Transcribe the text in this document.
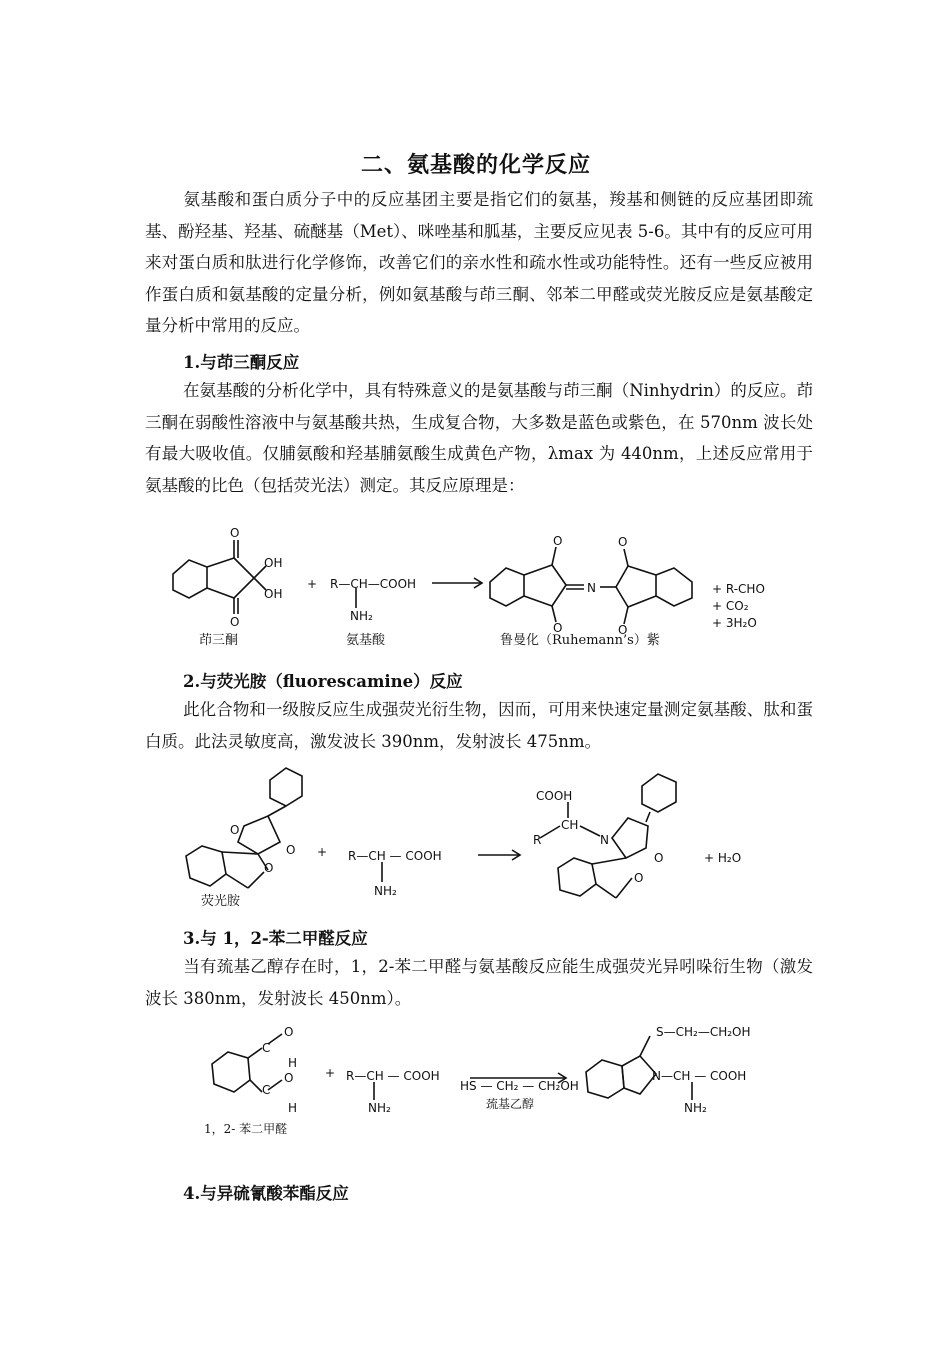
二、氨基酸的化学反应

氨基酸和蛋白质分子中的反应基团主要是指它们的氨基，羧基和侧链的反应基团即巯基、酚羟基、羟基、硫醚基（Met）、咪唑基和胍基，主要反应见表 5-6。其中有的反应可用来对蛋白质和肽进行化学修饰，改善它们的亲水性和疏水性或功能特性。还有一些反应被用作蛋白质和氨基酸的定量分析，例如氨基酸与茚三酮、邻苯二甲醛或荧光胺反应是氨基酸定量分析中常用的反应。

1.与茚三酮反应

在氨基酸的分析化学中，具有特殊意义的是氨基酸与茚三酮（Ninhydrin）的反应。茚三酮在弱酸性溶液中与氨基酸共热，生成复合物，大多数是蓝色或紫色，在 570nm 波长处有最大吸收值。仅脯氨酸和羟基脯氨酸生成黄色产物，λmax 为 440nm，上述反应常用于氨基酸的比色（包括荧光法）测定。其反应原理是：

O
O
OH
OH
+ R—CH—COOH
NH₂
O
O
O
O
N	+ R-CHO
+ CO₂
+ 3H₂O
茚三酮	氨基酸	鲁曼化（Ruhemann’s）紫

2.与荧光胺（fluorescamine）反应

此化合物和一级胺反应生成强荧光衍生物，因而，可用来快速定量测定氨基酸、肽和蛋白质。此法灵敏度高，激发波长 390nm，发射波长 475nm。

O
O
O
+ R—CH — COOH
NH₂
COOH
CH
R	N
O
O
+ H₂O
荧光胺

3.与 1，2-苯二甲醛反应

当有巯基乙醇存在时，1，2-苯二甲醛与氨基酸反应能生成强荧光异吲哚衍生物（激发波长 380nm，发射波长 450nm）。

C
O
H
C
O
H
+ R—CH — COOH
NH₂
HS — CH₂ — CH₂OH
S—CH₂—CH₂OH
N—CH — COOH
NH₂
巯基乙醇
1，2- 苯二甲醛

4.与异硫氰酸苯酯反应
